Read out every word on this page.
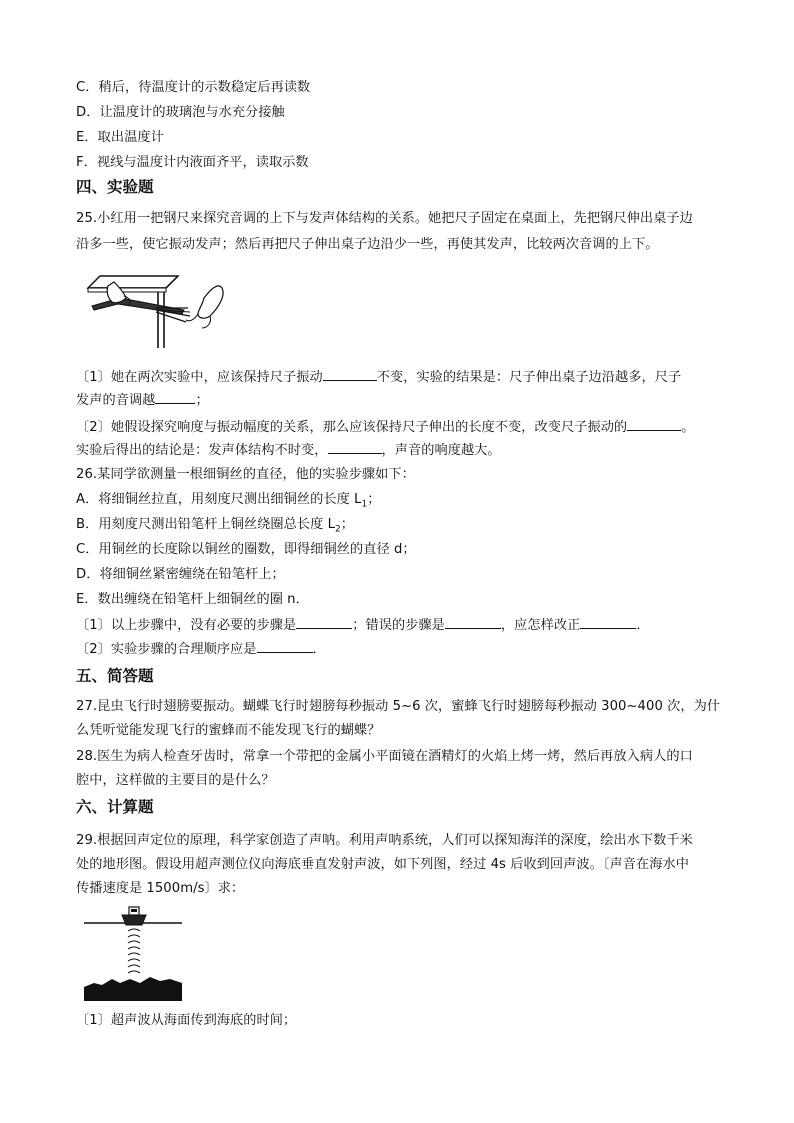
C．稍后，待温度计的示数稳定后再读数
D．让温度计的玻璃泡与水充分接触
E．取出温度计
F．视线与温度计内液面齐平，读取示数
四、实验题
25.小红用一把钢尺来探究音调的上下与发声体结构的关系。她把尺子固定在桌面上，先把钢尺伸出桌子边
沿多一些，使它振动发声；然后再把尺子伸出桌子边沿少一些，再使其发声，比较两次音调的上下。
〔1〕她在两次实验中，应该保持尺子振动	不变，实验的结果是：尺子伸出桌子边沿越多，尺子
发声的音调越	；
〔2〕她假设探究响度与振动幅度的关系，那么应该保持尺子伸出的长度不变，改变尺子振动的	。
实验后得出的结论是：发声体结构不时变，	，声音的响度越大。
26.某同学欲测量一根细铜丝的直径，他的实验步骤如下：
A．将细铜丝拉直，用刻度尺测出细铜丝的长度 $L_1$；
B．用刻度尺测出铅笔杆上铜丝绕圈总长度 $L_2$；
C．用铜丝的长度除以铜丝的圈数，即得细铜丝的直径 d；
D．将细铜丝紧密缠绕在铅笔杆上；
E．数出缠绕在铅笔杆上细铜丝的圈 n．
〔1〕以上步骤中，没有必要的步骤是	；错误的步骤是	，应怎样改正	．
〔2〕实验步骤的合理顺序应是	．
五、简答题
27.昆虫飞行时翅膀要振动。蝴蝶飞行时翅膀每秒振动 5~6 次，蜜蜂飞行时翅膀每秒振动 300~400 次，为什
么凭听觉能发现飞行的蜜蜂而不能发现飞行的蝴蝶？
28.医生为病人检查牙齿时，常拿一个带把的金属小平面镜在酒精灯的火焰上烤一烤，然后再放入病人的口
腔中，这样做的主要目的是什么？
六、计算题
29.根据回声定位的原理，科学家创造了声呐。利用声呐系统，人们可以探知海洋的深度，绘出水下数千米
处的地形图。假设用超声测位仪向海底垂直发射声波，如下列图，经过 4s 后收到回声波。〔声音在海水中
传播速度是 1500m/s〕求：
〔1〕超声波从海面传到海底的时间；
